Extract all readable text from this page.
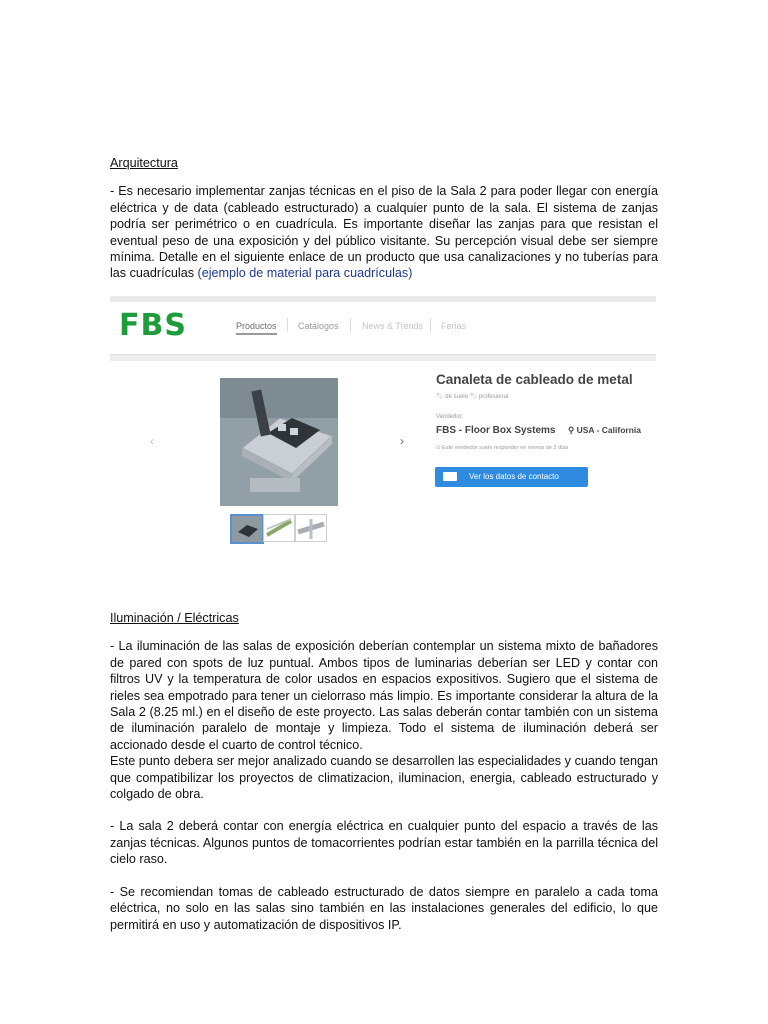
Arquitectura

- Es necesario implementar zanjas técnicas en el piso de la Sala 2 para poder llegar con energía eléctrica y de data (cableado estructurado) a cualquier punto de la sala. El sistema de zanjas podría ser perimétrico o en cuadrícula. Es importante diseñar las zanjas para que resistan el eventual peso de una exposición y del público visitante. Su percepción visual debe ser siempre mínima. Detalle en el siguiente enlace de un producto que usa canalizaciones y no tuberías para las cuadrículas (ejemplo de material para cuadrículas)

FBS	Productos Catálogos	News & Trends Ferias
‹	›
Canaleta de cableado de metal
🏷 de suelo 🏷 profesional
Vendedor:
FBS - Floor Box Systems ⚲ USA - California
⊙ Este vendedor suele responder en menos de 3 días
Ver los datos de contacto
Iluminación / Eléctricas

- La iluminación de las salas de exposición deberían contemplar un sistema mixto de bañadores de pared con spots de luz puntual. Ambos tipos de luminarias deberían ser LED y contar con filtros UV y la temperatura de color usados en espacios expositivos. Sugiero que el sistema de rieles sea empotrado para tener un cielorraso más limpio. Es importante considerar la altura de la Sala 2 (8.25 ml.) en el diseño de este proyecto. Las salas deberán contar también con un sistema de iluminación paralelo de montaje y limpieza. Todo el sistema de iluminación deberá ser accionado desde el cuarto de control técnico.

Este punto debera ser mejor analizado cuando se desarrollen las especialidades y cuando tengan que compatibilizar los proyectos de climatizacion, iluminacion, energia, cableado estructurado y colgado de obra.

- La sala 2 deberá contar con energía eléctrica en cualquier punto del espacio a través de las zanjas técnicas. Algunos puntos de tomacorrientes podrían estar también en la parrilla técnica del cielo raso.

- Se recomiendan tomas de cableado estructurado de datos siempre en paralelo a cada toma eléctrica, no solo en las salas sino también en las instalaciones generales del edificio, lo que permitirá en uso y automatización de dispositivos IP.
